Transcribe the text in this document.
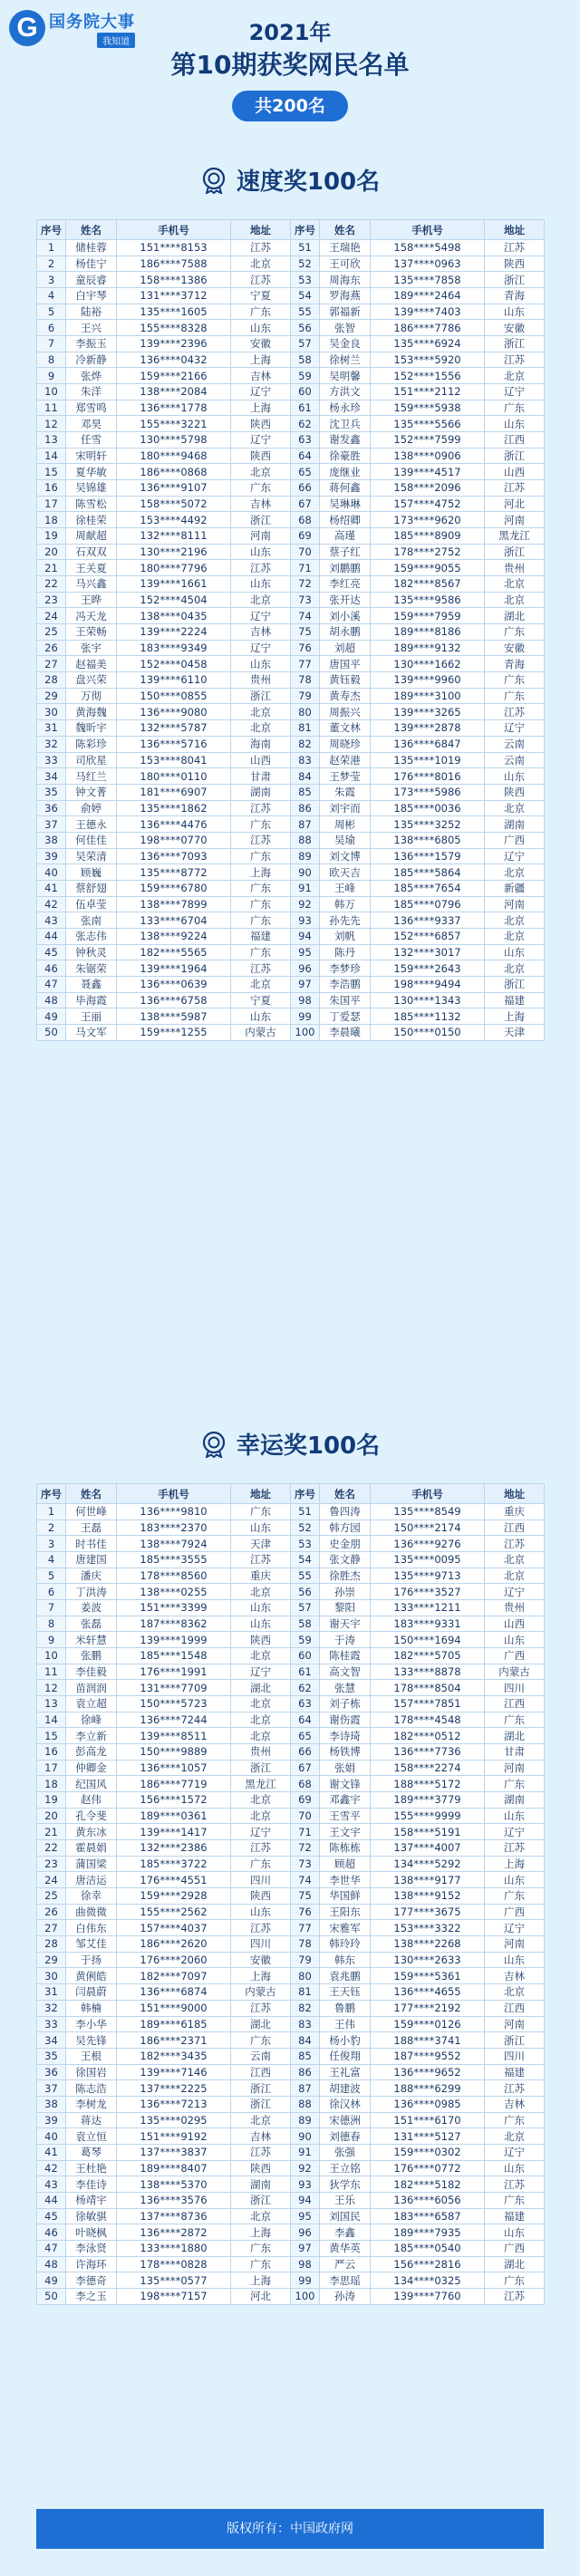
G 国务院大事
我知道	2021年
第10期获奖网民名单
共200名
速度奖100名
序号	姓名	手机号	地址	序号	姓名	手机号	地址
1	储桂蓉	151****8153	江苏	51	王瑞艳	158****5498	江苏
2	杨佳宁	186****7588	北京	52	王可欣	137****0963	陕西
3	童辰睿	158****1386	江苏	53	周海东	135****7858	浙江
4	白宇琴	131****3712	宁夏	54	罗海燕	189****2464	青海
5	陆裕	135****1605	广东	55	郭福新	139****7403	山东
6	王兴	155****8328	山东	56	张智	186****7786	安徽
7	李振玉	139****2396	安徽	57	吴金良	135****6924	浙江
8	冷新静	136****0432	上海	58	徐树兰	153****5920	江苏
9	张烨	159****2166	吉林	59	吴明馨	152****1556	北京
10	朱洋	138****2084	辽宁	60	方洪文	151****2112	辽宁
11	郑雪鸣	136****1778	上海	61	杨永珍	159****5938	广东
12	邓昊	155****3221	陕西	62	沈卫兵	135****5566	山东
13	任雪	130****5798	辽宁	63	谢发鑫	152****7599	江西
14	宋明轩	180****9468	陕西	64	徐豪胜	138****0906	浙江
15	夏华敏	186****0868	北京	65	庞继业	139****4517	山西
16	吴锦雄	136****9107	广东	66	蒋何鑫	158****2096	江苏
17	陈雪松	158****5072	吉林	67	吴琳琳	157****4752	河北
18	徐桂荣	153****4492	浙江	68	杨绍卿	173****9620	河南
19	周献超	132****8111	河南	69	高瑾	185****8909	黑龙江
20	石双双	130****2196	山东	70	蔡子红	178****2752	浙江
21	王关夏	180****7796	江苏	71	刘鹏鹏	159****9055	贵州
22	马兴鑫	139****1661	山东	72	李红亮	182****8567	北京
23	王晔	152****4504	北京	73	张开达	135****9586	北京
24	冯天龙	138****0435	辽宁	74	刘小溪	159****7959	湖北
25	王荣畅	139****2224	吉林	75	胡永鹏	189****8186	广东
26	张宇	183****9349	辽宁	76	刘超	189****9132	安徽
27	赵福美	152****0458	山东	77	唐国平	130****1662	青海
28	盘兴荣	139****6110	贵州	78	黄钰毅	139****9960	广东
29	万彻	150****0855	浙江	79	黄寿杰	189****3100	广东
30	黄海魏	136****9080	北京	80	周振兴	139****3265	江苏
31	魏昕宇	132****5787	北京	81	董文林	139****2878	辽宁
32	陈彩珍	136****5716	海南	82	周晓珍	136****6847	云南
33	司欣星	153****8041	山西	83	赵荣港	135****1019	云南
34	马红兰	180****0110	甘肃	84	王梦莹	176****8016	山东
35	钟文菁	181****6907	湖南	85	朱霞	173****5986	陕西
36	俞婷	135****1862	江苏	86	刘宇而	185****0036	北京
37	王德永	136****4476	广东	87	周彬	135****3252	湖南
38	何佳佳	198****0770	江苏	88	吴瑜	138****6805	广西
39	吴荣清	136****7093	广东	89	刘文博	136****1579	辽宁
40	顾巍	135****8772	上海	90	欧天吉	185****5864	北京
41	蔡舒翅	159****6780	广东	91	王峰	185****7654	新疆
42	伍卓莹	138****7899	广东	92	韩万	185****0796	河南
43	张南	133****6704	广东	93	孙先先	136****9337	北京
44	张志伟	138****9224	福建	94	刘帆	152****6857	北京
45	钟秋灵	182****5565	广东	95	陈丹	132****3017	山东
46	朱锯荣	139****1964	江苏	96	李梦珍	159****2643	北京
47	聂鑫	136****0639	北京	97	李浩鹏	198****9494	浙江
48	毕海霞	136****6758	宁夏	98	朱国平	130****1343	福建
49	王丽	138****5987	山东	99	丁爱瑟	185****1132	上海
50	马文军	159****1255	内蒙古	100	李晨曦	150****0150	天津
幸运奖100名
序号	姓名	手机号	地址	序号	姓名	手机号	地址
1	何世峰	136****9810	广东	51	鲁四涛	135****8549	重庆
2	王磊	183****2370	山东	52	韩方园	150****2174	江西
3	时书佳	138****7924	天津	53	史金朋	136****9276	江苏
4	唐建国	185****3555	江苏	54	张文静	135****0095	北京
5	潘庆	178****8560	重庆	55	徐胜杰	135****9713	北京
6	丁洪涛	138****0255	北京	56	孙崇	176****3527	辽宁
7	姜波	151****3399	山东	57	黎阳	133****1211	贵州
8	张磊	187****8362	山东	58	谢天宇	183****9331	山西
9	米轩慧	139****1999	陕西	59	于涛	150****1694	山东
10	张鹏	185****1548	北京	60	陈桂霞	182****5705	广西
11	李佳毅	176****1991	辽宁	61	高文智	133****8878	内蒙古
12	苗润润	131****7709	湖北	62	张慧	178****8504	四川
13	袁立超	150****5723	北京	63	刘子栋	157****7851	江西
14	徐峰	136****7244	北京	64	谢伤霞	178****4548	广东
15	李立新	139****8511	北京	65	李诗琦	182****0512	湖北
16	彭高龙	150****9889	贵州	66	杨铁博	136****7736	甘肃
17	仲卿金	136****1057	浙江	67	张娟	158****2274	河南
18	纪国风	186****7719	黑龙江	68	谢文锋	188****5172	广东
19	赵伟	156****1572	北京	69	邓鑫宇	189****3779	湖南
20	孔令斐	189****0361	北京	70	王雪平	155****9999	山东
21	黄东冰	139****1417	辽宁	71	王文宇	158****5191	辽宁
22	霍晨娟	132****2386	江苏	72	陈栋栋	137****4007	江苏
23	蒲国梁	185****3722	广东	73	顾超	134****5292	上海
24	唐洁运	176****4551	四川	74	李世华	138****9177	山东
25	徐幸	159****2928	陕西	75	华国鲜	138****9152	广东
26	曲微微	155****2562	山东	76	王阳东	177****3675	广西
27	白伟东	157****4037	江苏	77	宋雅军	153****3322	辽宁
28	邹艾佳	186****2620	四川	78	韩玲玲	138****2268	河南
29	于扬	176****2060	安徽	79	韩东	130****2633	山东
30	黄俐皓	182****7097	上海	80	袁兆鹏	159****5361	吉林
31	闫晨蔚	136****6874	内蒙古	81	王天钰	136****4655	北京
32	韩楠	151****9000	江苏	82	鲁鹏	177****2192	江西
33	李小华	189****6185	湖北	83	王伟	159****0126	河南
34	吴先锋	186****2371	广东	84	杨小豹	188****3741	浙江
35	王根	182****3435	云南	85	任俊翔	187****9552	四川
36	徐国岩	139****7146	江西	86	王礼富	136****9652	福建
37	陈志浩	137****2225	浙江	87	胡建波	188****6299	江苏
38	李树龙	136****7213	浙江	88	徐汉林	136****0985	吉林
39	蒋达	135****0295	北京	89	宋德洲	151****6170	广东
40	袁立恒	151****9192	吉林	90	刘德春	131****5127	北京
41	葛琴	137****3837	江苏	91	张强	159****0302	辽宁
42	王杜艳	189****8407	陕西	92	王立铭	176****0772	山东
43	李佳诗	138****5370	湖南	93	狄学东	182****5182	江苏
44	杨靖宇	136****3576	浙江	94	王乐	136****6056	广东
45	徐敏骐	137****8736	北京	95	刘国民	183****6587	福建
46	叶晓枫	136****2872	上海	96	李鑫	189****7935	山东
47	李泳贤	133****1880	广东	97	黄华英	185****0540	广西
48	许海环	178****0828	广东	98	严云	156****2816	湖北
49	李德奇	135****0577	上海	99	李思瑶	134****0325	广东
50	李之玉	198****7157	河北	100	孙涛	139****7760	江苏
版权所有：中国政府网
